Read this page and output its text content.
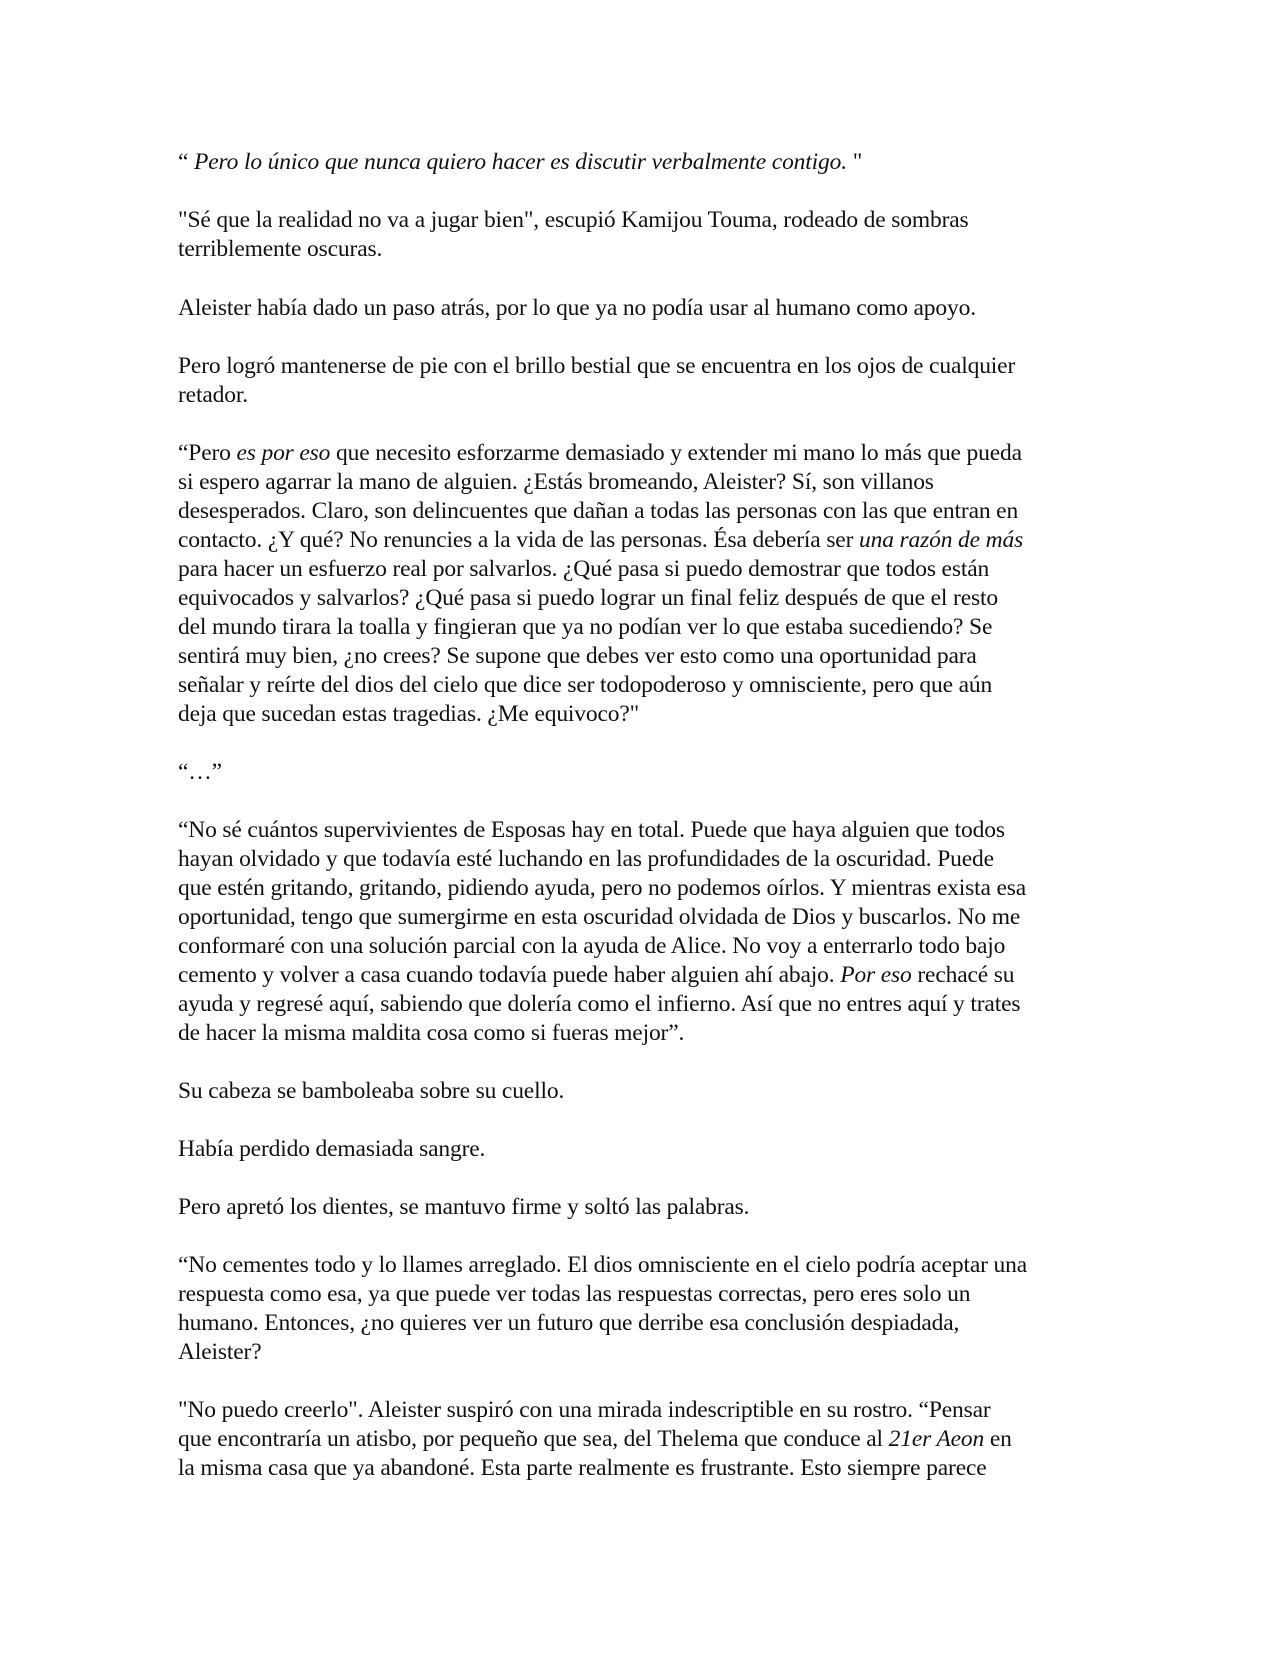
“ Pero lo único que nunca quiero hacer es discutir verbalmente contigo. "
"Sé que la realidad no va a jugar bien", escupió Kamijou Touma, rodeado de sombras
terriblemente oscuras.
Aleister había dado un paso atrás, por lo que ya no podía usar al humano como apoyo.
Pero logró mantenerse de pie con el brillo bestial que se encuentra en los ojos de cualquier
retador.
“Pero es por eso que necesito esforzarme demasiado y extender mi mano lo más que pueda
si espero agarrar la mano de alguien. ¿Estás bromeando, Aleister? Sí, son villanos
desesperados. Claro, son delincuentes que dañan a todas las personas con las que entran en
contacto. ¿Y qué? No renuncies a la vida de las personas. Ésa debería ser una razón de más
para hacer un esfuerzo real por salvarlos. ¿Qué pasa si puedo demostrar que todos están
equivocados y salvarlos? ¿Qué pasa si puedo lograr un final feliz después de que el resto
del mundo tirara la toalla y fingieran que ya no podían ver lo que estaba sucediendo? Se
sentirá muy bien, ¿no crees? Se supone que debes ver esto como una oportunidad para
señalar y reírte del dios del cielo que dice ser todopoderoso y omnisciente, pero que aún
deja que sucedan estas tragedias. ¿Me equivoco?"
“…”
“No sé cuántos supervivientes de Esposas hay en total. Puede que haya alguien que todos
hayan olvidado y que todavía esté luchando en las profundidades de la oscuridad. Puede
que estén gritando, gritando, pidiendo ayuda, pero no podemos oírlos. Y mientras exista esa
oportunidad, tengo que sumergirme en esta oscuridad olvidada de Dios y buscarlos. No me
conformaré con una solución parcial con la ayuda de Alice. No voy a enterrarlo todo bajo
cemento y volver a casa cuando todavía puede haber alguien ahí abajo. Por eso rechacé su
ayuda y regresé aquí, sabiendo que dolería como el infierno. Así que no entres aquí y trates
de hacer la misma maldita cosa como si fueras mejor”.
Su cabeza se bamboleaba sobre su cuello.
Había perdido demasiada sangre.
Pero apretó los dientes, se mantuvo firme y soltó las palabras.
“No cementes todo y lo llames arreglado. El dios omnisciente en el cielo podría aceptar una
respuesta como esa, ya que puede ver todas las respuestas correctas, pero eres solo un
humano. Entonces, ¿no quieres ver un futuro que derribe esa conclusión despiadada,
Aleister?
"No puedo creerlo". Aleister suspiró con una mirada indescriptible en su rostro. “Pensar
que encontraría un atisbo, por pequeño que sea, del Thelema que conduce al 21er Aeon en
la misma casa que ya abandoné. Esta parte realmente es frustrante. Esto siempre parece
